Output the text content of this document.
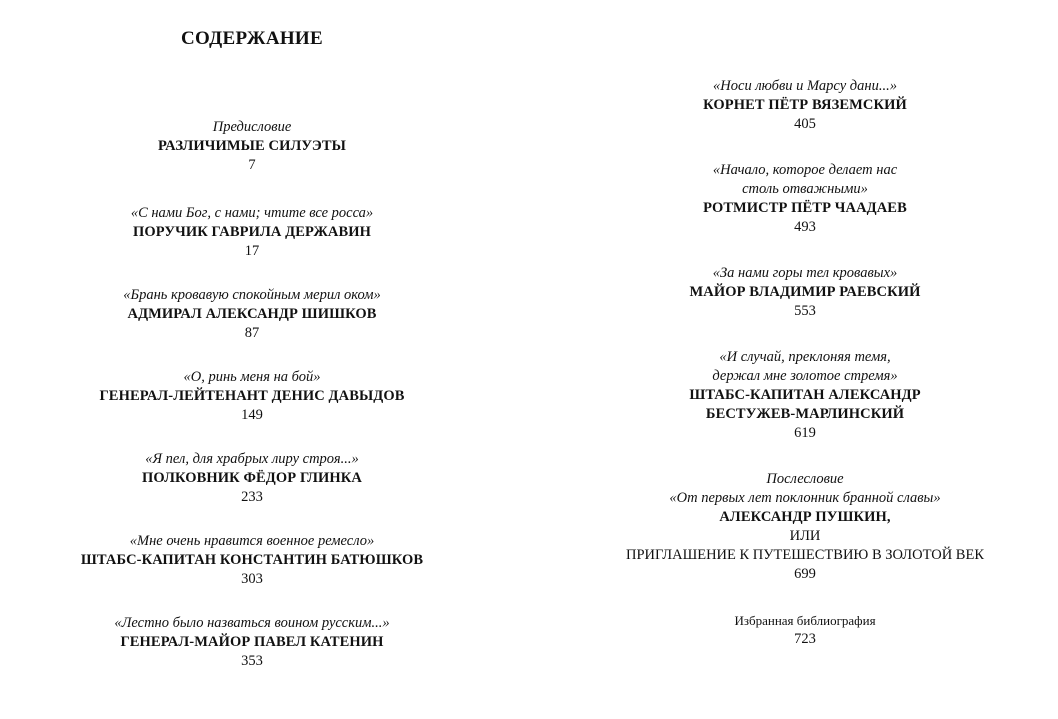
СОДЕРЖАНИЕ
Предисловие
РАЗЛИЧИМЫЕ СИЛУЭТЫ
7
«С нами Бог, с нами; чтите все росса»
ПОРУЧИК ГАВРИЛА ДЕРЖАВИН
17
«Брань кровавую спокойным мерил оком»
АДМИРАЛ АЛЕКСАНДР ШИШКОВ
87
«О, ринь меня на бой»
ГЕНЕРАЛ-ЛЕЙТЕНАНТ ДЕНИС ДАВЫДОВ
149
«Я пел, для храбрых лиру строя...»
ПОЛКОВНИК ФЁДОР ГЛИНКА
233
«Мне очень нравится военное ремесло»
ШТАБС-КАПИТАН КОНСТАНТИН БАТЮШКОВ
303
«Лестно было назваться воином русским...»
ГЕНЕРАЛ-МАЙОР ПАВЕЛ КАТЕНИН
353
«Носи любви и Марсу дани...»
КОРНЕТ ПЁТР ВЯЗЕМСКИЙ
405
«Начало, которое делает нас
столь отважными»
РОТМИСТР ПЁТР ЧААДАЕВ
493
«За нами горы тел кровавых»
МАЙОР ВЛАДИМИР РАЕВСКИЙ
553
«И случай, преклоняя темя,
держал мне золотое стремя»
ШТАБС-КАПИТАН АЛЕКСАНДР
БЕСТУЖЕВ-МАРЛИНСКИЙ
619
Послесловие
«От первых лет поклонник бранной славы»
АЛЕКСАНДР ПУШКИН,
ИЛИ
ПРИГЛАШЕНИЕ К ПУТЕШЕСТВИЮ В ЗОЛОТОЙ ВЕК
699
Избранная библиография
723
